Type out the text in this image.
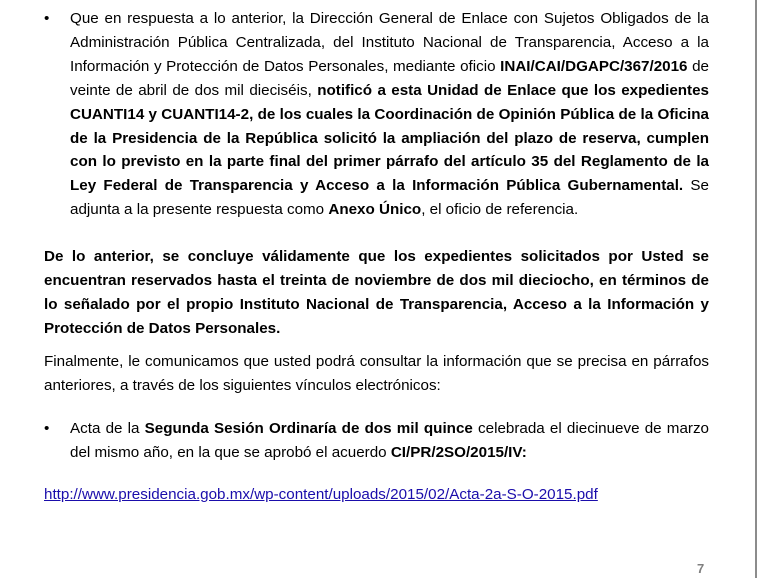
• Que en respuesta a lo anterior, la Dirección General de Enlace con Sujetos Obligados de la Administración Pública Centralizada, del Instituto Nacional de Transparencia, Acceso a la Información y Protección de Datos Personales, mediante oficio INAI/CAI/DGAPC/367/2016 de veinte de abril de dos mil dieciséis, notificó a esta Unidad de Enlace que los expedientes CUANTI14 y CUANTI14-2, de los cuales la Coordinación de Opinión Pública de la Oficina de la Presidencia de la República solicitó la ampliación del plazo de reserva, cumplen con lo previsto en la parte final del primer párrafo del artículo 35 del Reglamento de la Ley Federal de Transparencia y Acceso a la Información Pública Gubernamental. Se adjunta a la presente respuesta como Anexo Único, el oficio de referencia.
De lo anterior, se concluye válidamente que los expedientes solicitados por Usted se encuentran reservados hasta el treinta de noviembre de dos mil dieciocho, en términos de lo señalado por el propio Instituto Nacional de Transparencia, Acceso a la Información y Protección de Datos Personales.
Finalmente, le comunicamos que usted podrá consultar la información que se precisa en párrafos anteriores, a través de los siguientes vínculos electrónicos:
• Acta de la Segunda Sesión Ordinaría de dos mil quince celebrada el diecinueve de marzo del mismo año, en la que se aprobó el acuerdo CI/PR/2SO/2015/IV:
http://www.presidencia.gob.mx/wp-content/uploads/2015/02/Acta-2a-S-O-2015.pdf
7
